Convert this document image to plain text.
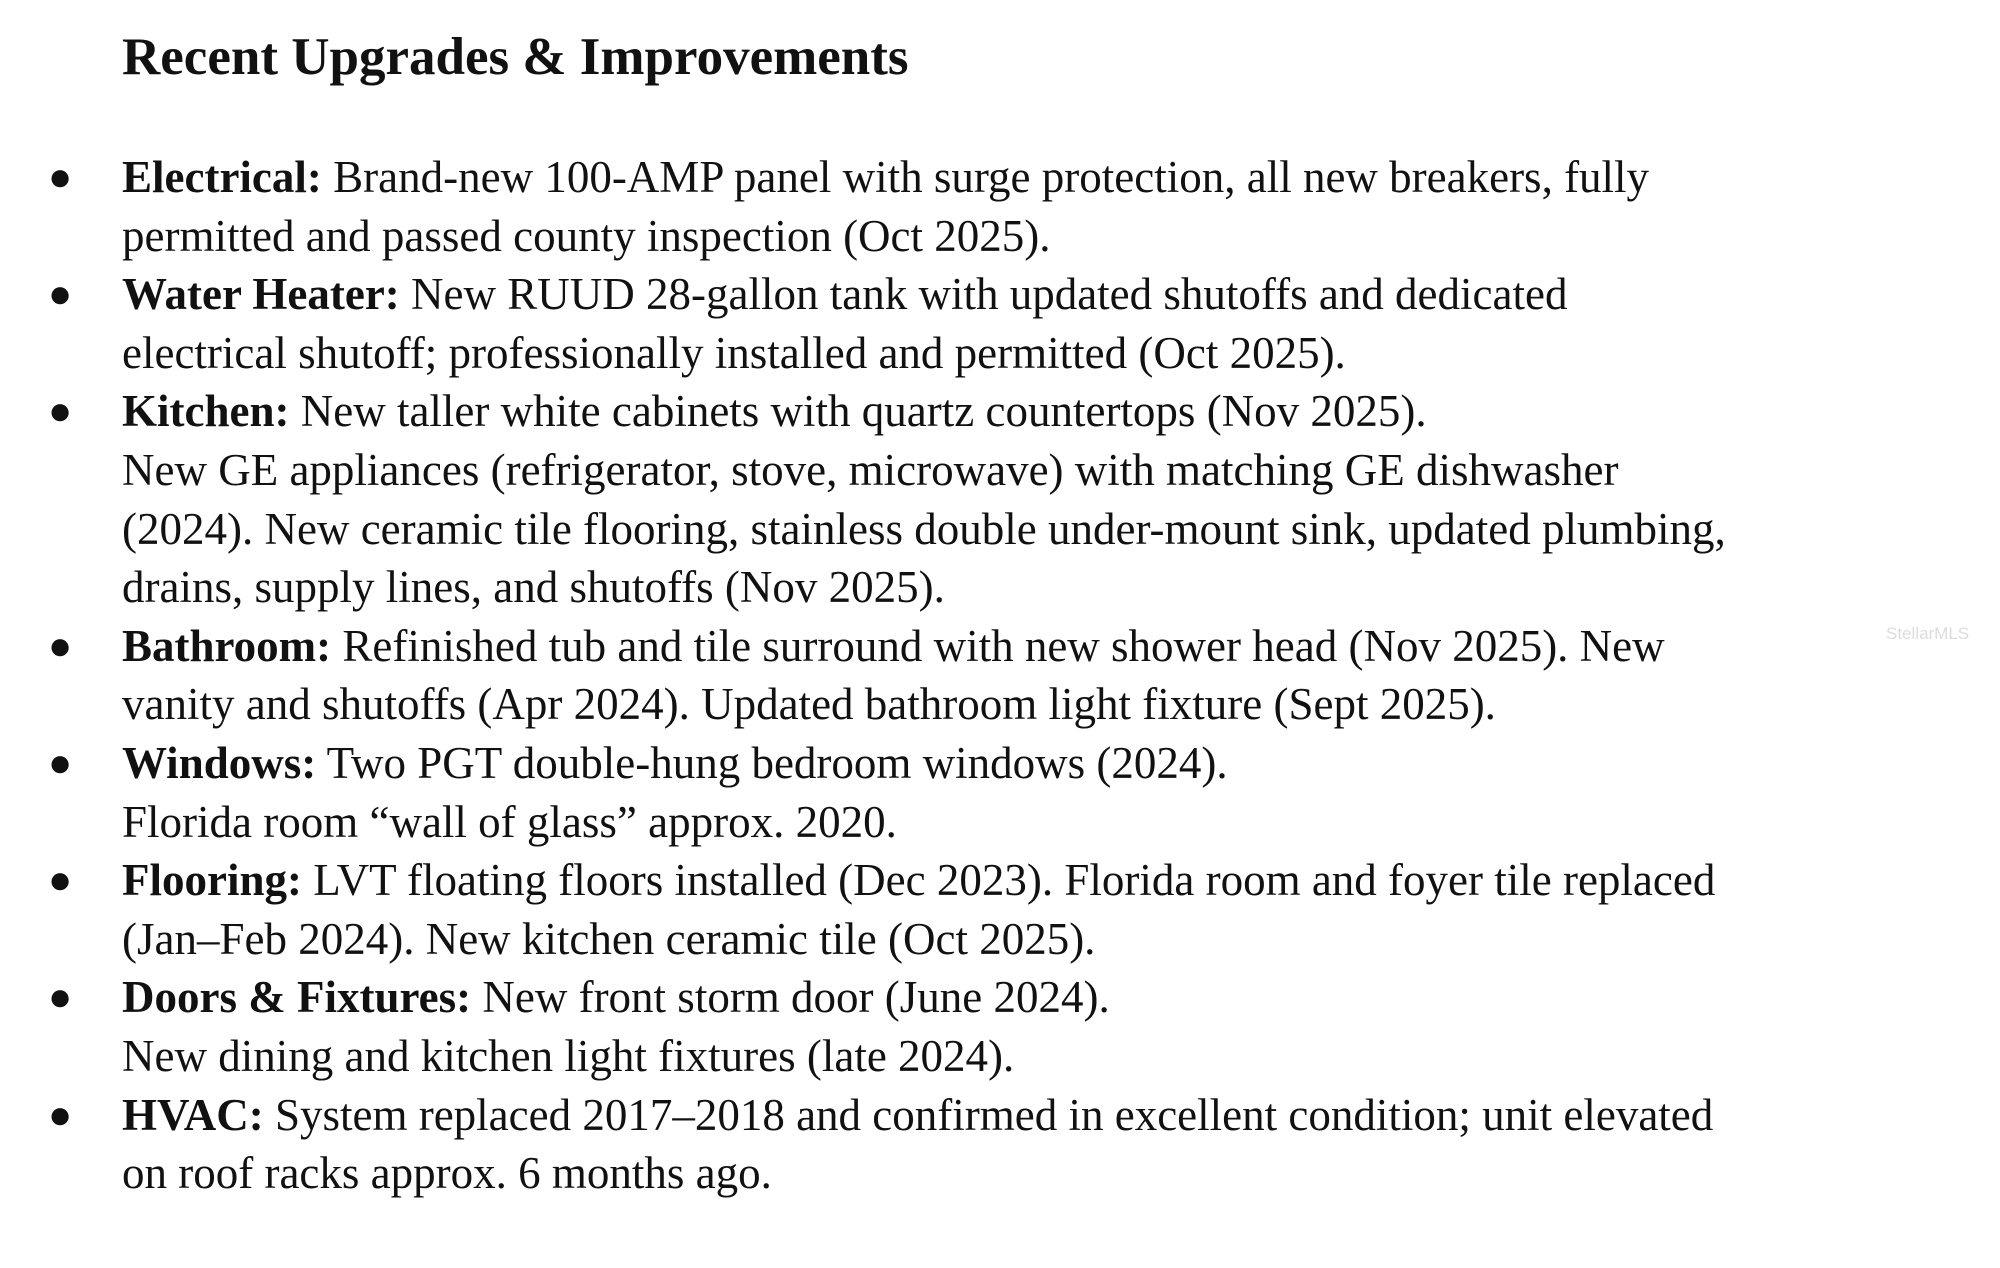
Recent Upgrades & Improvements
● Electrical: Brand-new 100-AMP panel with surge protection, all new breakers, fully
permitted and passed county inspection (Oct 2025).
● Water Heater: New RUUD 28-gallon tank with updated shutoffs and dedicated
electrical shutoff; professionally installed and permitted (Oct 2025).
● Kitchen: New taller white cabinets with quartz countertops (Nov 2025).
New GE appliances (refrigerator, stove, microwave) with matching GE dishwasher
(2024). New ceramic tile flooring, stainless double under-mount sink, updated plumbing,
drains, supply lines, and shutoffs (Nov 2025).
● Bathroom: Refinished tub and tile surround with new shower head (Nov 2025). New
vanity and shutoffs (Apr 2024). Updated bathroom light fixture (Sept 2025).
● Windows: Two PGT double-hung bedroom windows (2024).
Florida room “wall of glass” approx. 2020.
● Flooring: LVT floating floors installed (Dec 2023). Florida room and foyer tile replaced
(Jan–Feb 2024). New kitchen ceramic tile (Oct 2025).
● Doors & Fixtures: New front storm door (June 2024).
New dining and kitchen light fixtures (late 2024).
● HVAC: System replaced 2017–2018 and confirmed in excellent condition; unit elevated
on roof racks approx. 6 months ago.
StellarMLS
